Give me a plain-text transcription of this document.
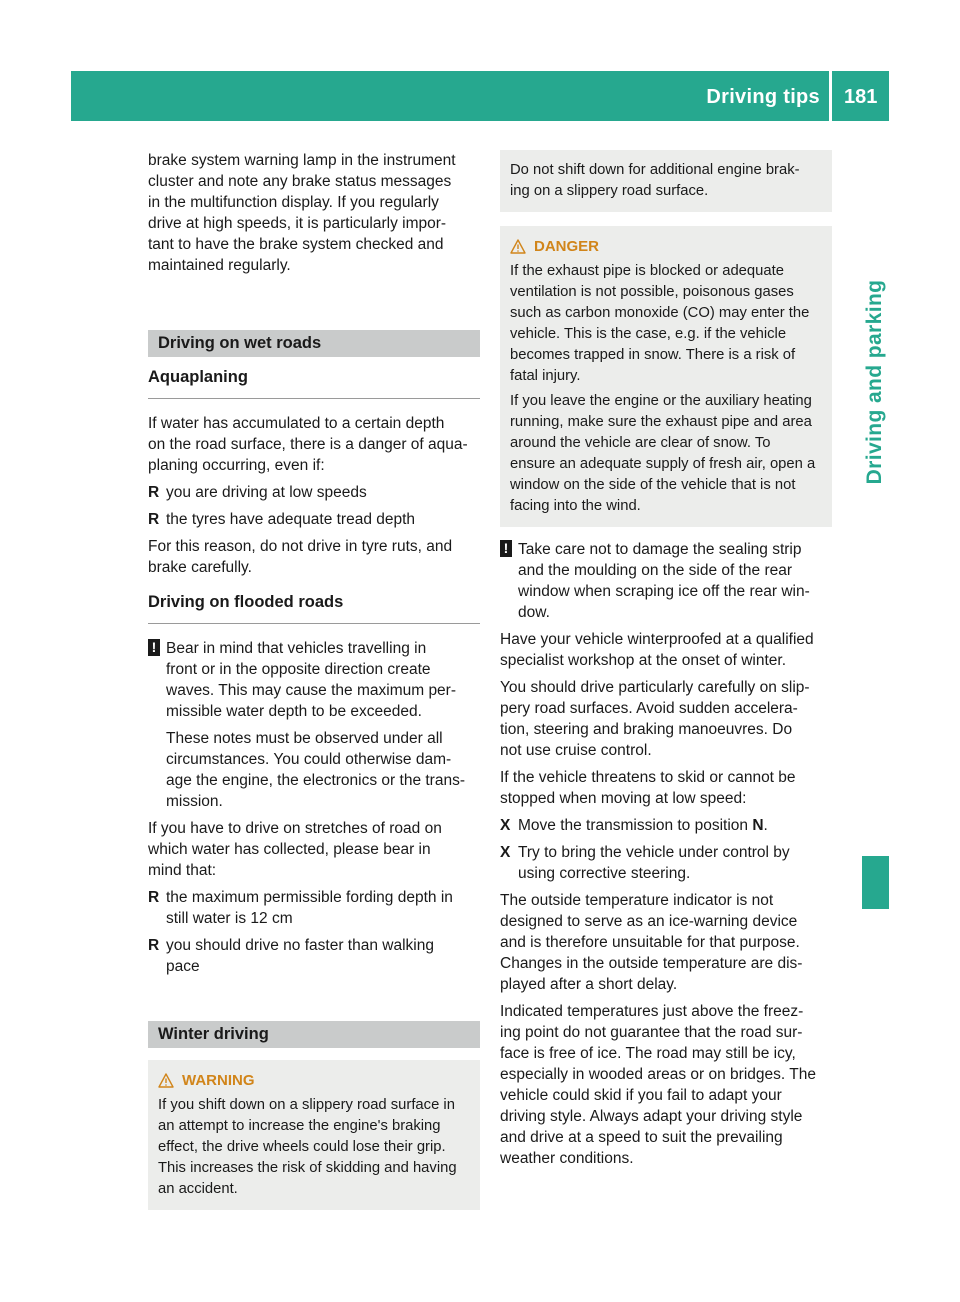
Driving tips 181
Driving and parking

brake system warning lamp in the instrument
cluster and note any brake status messages
in the multifunction display. If you regularly
drive at high speeds, it is particularly impor-
tant to have the brake system checked and
maintained regularly.

Driving on wet roads
Aquaplaning

If water has accumulated to a certain depth
on the road surface, there is a danger of aqua-
planing occurring, even if:

R you are driving at low speeds
R the tyres have adequate tread depth

For this reason, do not drive in tyre ruts, and
brake carefully.

Driving on flooded roads
! Bear in mind that vehicles travelling in
front or in the opposite direction create
waves. This may cause the maximum per-
missible water depth to be exceeded.

These notes must be observed under all
circumstances. You could otherwise dam-
age the engine, the electronics or the trans-
mission.

If you have to drive on stretches of road on
which water has collected, please bear in
mind that:

R the maximum permissible fording depth in
still water is 12 cm
R you should drive no faster than walking
pace
Winter driving
WARNING

If you shift down on a slippery road surface in
an attempt to increase the engine's braking
effect, the drive wheels could lose their grip.
This increases the risk of skidding and having
an accident.

Do not shift down for additional engine brak-
ing on a slippery road surface.

DANGER

If the exhaust pipe is blocked or adequate
ventilation is not possible, poisonous gases
such as carbon monoxide (CO) may enter the
vehicle. This is the case, e.g. if the vehicle
becomes trapped in snow. There is a risk of
fatal injury.

If you leave the engine or the auxiliary heating
running, make sure the exhaust pipe and area
around the vehicle are clear of snow. To
ensure an adequate supply of fresh air, open a
window on the side of the vehicle that is not
facing into the wind.

! Take care not to damage the sealing strip
and the moulding on the side of the rear
window when scraping ice off the rear win-
dow.

Have your vehicle winterproofed at a qualified
specialist workshop at the onset of winter.

You should drive particularly carefully on slip-
pery road surfaces. Avoid sudden accelera-
tion, steering and braking manoeuvres. Do
not use cruise control.

If the vehicle threatens to skid or cannot be
stopped when moving at low speed:

X Move the transmission to position N.
X Try to bring the vehicle under control by
using corrective steering.

The outside temperature indicator is not
designed to serve as an ice-warning device
and is therefore unsuitable for that purpose.
Changes in the outside temperature are dis-
played after a short delay.

Indicated temperatures just above the freez-
ing point do not guarantee that the road sur-
face is free of ice. The road may still be icy,
especially in wooded areas or on bridges. The
vehicle could skid if you fail to adapt your
driving style. Always adapt your driving style
and drive at a speed to suit the prevailing
weather conditions.
